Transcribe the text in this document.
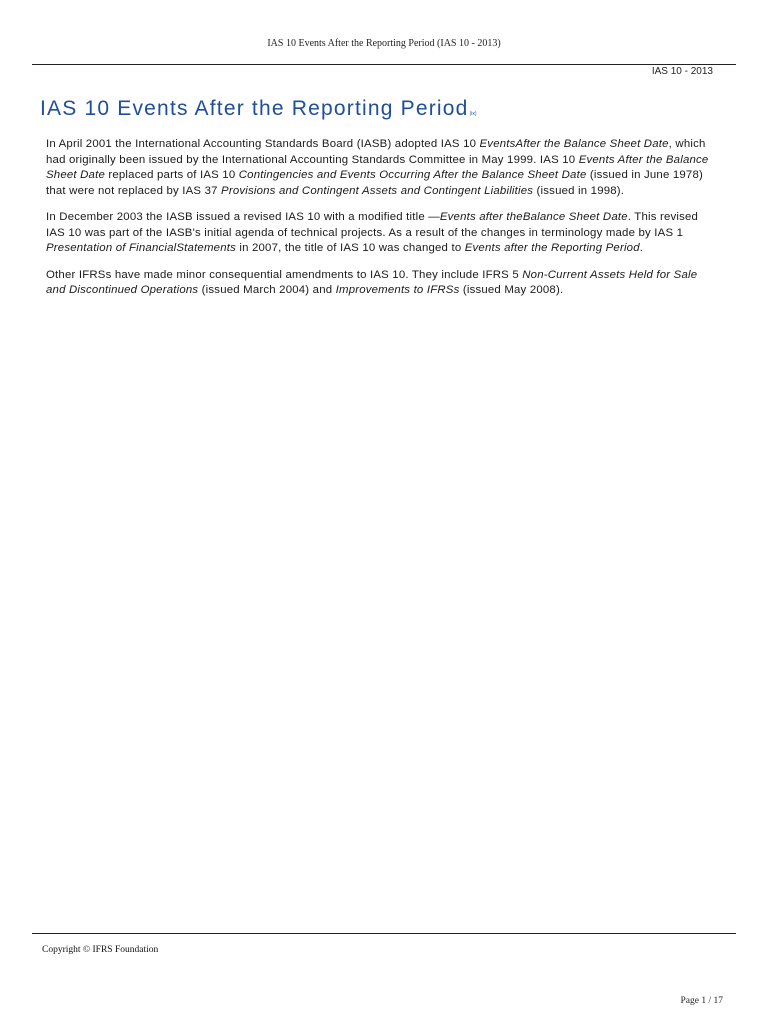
IAS 10 Events After the Reporting Period (IAS 10 - 2013)
IAS 10 - 2013
IAS 10 Events After the Reporting Period(ix)

In April 2001 the International Accounting Standards Board (IASB) adopted IAS 10 EventsAfter the Balance Sheet Date, which had originally been issued by the International Accounting Standards Committee in May 1999. IAS 10 Events After the Balance Sheet Date replaced parts of IAS 10 Contingencies and Events Occurring After the Balance Sheet Date (issued in June 1978) that were not replaced by IAS 37 Provisions and Contingent Assets and Contingent Liabilities (issued in 1998).

In December 2003 the IASB issued a revised IAS 10 with a modified title —Events after theBalance Sheet Date. This revised IAS 10 was part of the IASB's initial agenda of technical projects. As a result of the changes in terminology made by IAS 1 Presentation of FinancialStatements in 2007, the title of IAS 10 was changed to Events after the Reporting Period.

Other IFRSs have made minor consequential amendments to IAS 10. They include IFRS 5 Non-Current Assets Held for Sale and Discontinued Operations (issued March 2004) and Improvements to IFRSs (issued May 2008).

Copyright © IFRS Foundation
Page 1 / 17
